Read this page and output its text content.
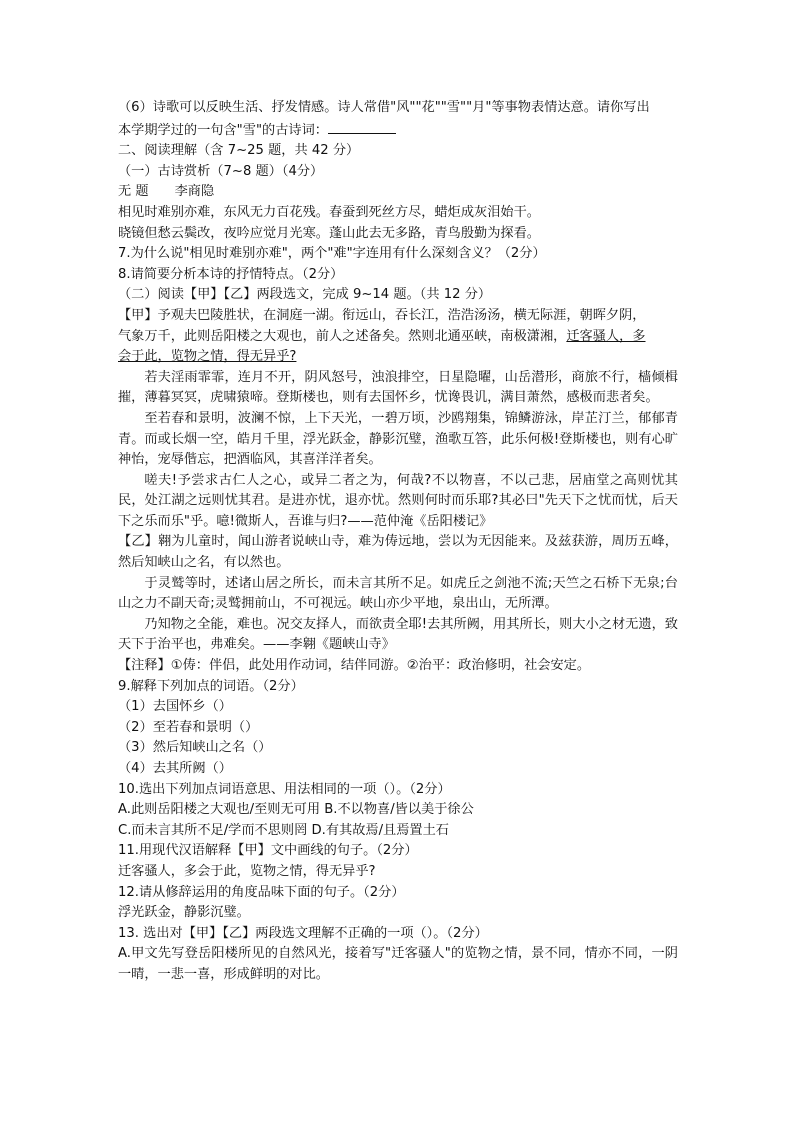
（6）诗歌可以反映生活、抒发情感。诗人常借"风""花""雪""月"等事物表情达意。请你写出

本学期学过的一句含"雪"的古诗词：

二、阅读理解（含 7~25 题，共 42 分）

（一）古诗赏析（7~8 题）（4分）

无 题 李商隐

相见时难别亦难，东风无力百花残。春蚕到死丝方尽，蜡炬成灰泪始干。

晓镜但愁云鬓改，夜吟应觉月光寒。蓬山此去无多路，青鸟殷勤为探看。

7.为什么说"相见时难别亦难"，两个"难"字连用有什么深刻含义？（2分）

8.请简要分析本诗的抒情特点。（2分）

（二）阅读【甲】【乙】两段选文，完成 9~14 题。（共 12 分）

【甲】予观夫巴陵胜状，在洞庭一湖。衔远山，吞长江，浩浩汤汤，横无际涯，朝晖夕阴，

气象万千，此则岳阳楼之大观也，前人之述备矣。然则北通巫峡，南极潇湘，迁客骚人，多

会于此，览物之情，得无异乎?

若夫淫雨霏霏，连月不开，阴风怒号，浊浪排空，日星隐曜，山岳潜形，商旅不行，樯倾楫摧，薄暮冥冥，虎啸猿啼。登斯楼也，则有去国怀乡，忧谗畏讥，满目萧然，感极而悲者矣。

至若春和景明，波澜不惊，上下天光，一碧万顷，沙鸥翔集，锦鳞游泳，岸芷汀兰，郁郁青青。而或长烟一空，皓月千里，浮光跃金，静影沉璧，渔歌互答，此乐何极!登斯楼也，则有心旷神怡，宠辱偕忘，把酒临风，其喜洋洋者矣。

嗟夫!予尝求古仁人之心，或异二者之为，何哉?不以物喜，不以己悲，居庙堂之高则忧其民，处江湖之远则忧其君。是进亦忧，退亦忧。然则何时而乐耶?其必曰"先天下之忧而忧，后天下之乐而乐"乎。噫!微斯人，吾谁与归?——范仲淹《岳阳楼记》

【乙】翱为儿童时，闻山游者说峡山寺，难为俦远地，尝以为无因能来。及兹获游，周历五峰，然后知峡山之名，有以然也。

于灵鹫等时，述诸山居之所长，而未言其所不足。如虎丘之剑池不流;天竺之石桥下无泉;台山之力不副天奇;灵鹫拥前山，不可视远。峡山亦少平地，泉出山，无所潭。

乃知物之全能，难也。况交友择人，而欲责全耶!去其所阙，用其所长，则大小之材无遗，致天下于治平也，弗难矣。——李翱《题峡山寺》

【注释】①俦：伴侣，此处用作动词，结伴同游。②治平：政治修明，社会安定。

9.解释下列加点的词语。（2分）

（1）去国怀乡（）

（2）至若春和景明（）

（3）然后知峡山之名（）

（4）去其所阙（）

10.选出下列加点词语意思、用法相同的一项（）。（2分）

A.此则岳阳楼之大观也/至则无可用 B.不以物喜/皆以美于徐公

C.而未言其所不足/学而不思则罔 D.有其故焉/且焉置土石

11.用现代汉语解释【甲】文中画线的句子。（2分）

迁客骚人，多会于此，览物之情，得无异乎?

12.请从修辞运用的角度品味下面的句子。（2分）

浮光跃金，静影沉璧。

13. 选出对【甲】【乙】两段选文理解不正确的一项（）。（2分）

A.甲文先写登岳阳楼所见的自然风光，接着写"迁客骚人"的览物之情，景不同，情亦不同，一阴一晴，一悲一喜，形成鲜明的对比。
